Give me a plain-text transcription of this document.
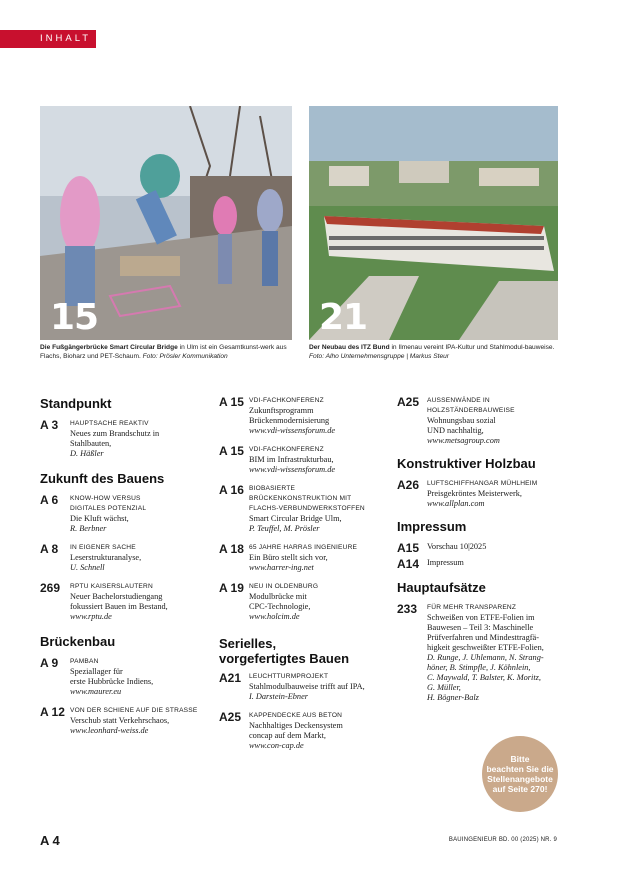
INHALT
15
Die Fußgängerbrücke Smart Circular Bridge in Ulm ist ein Gesamtkunst-werk aus Flachs, Bioharz und PET-Schaum. Foto: Prösler Kommunikation
21
Der Neubau des ITZ Bund in Ilmenau vereint IPA-Kultur und Stahlmodul-bauweise. Foto: Alho Unternehmensgruppe | Markus Steur
Standpunkt
A 3	HAUPTSACHE REAKTIV
Neues zum Brandschutz in
Stahlbauten,
D. Häßler
Zukunft des Bauens
A 6	KNOW-HOW VERSUS
DIGITALES POTENZIAL
Die Kluft wächst,
R. Berbner
A 8	IN EIGENER SACHE
Leserstrukturanalyse,
U. Schnell
269	RPTU KAISERSLAUTERN
Neuer Bachelorstudiengang
fokussiert Bauen im Bestand,
www.rptu.de
Brückenbau
A 9	PAMBAN
Speziallager für
erste Hubbrücke Indiens,
www.maurer.eu
A 12 VON DER SCHIENE AUF DIE STRASSE
Verschub statt Verkehrschaos,
www.leonhard-weiss.de
A 15 VDI-FACHKONFERENZ
Zukunftsprogramm
Brückenmodernisierung
www.vdi-wissensforum.de
A 15 VDI-FACHKONFERENZ
BIM im Infrastrukturbau,
www.vdi-wissensforum.de
A 16 BIOBASIERTE
BRÜCKENKONSTRUKTION MIT
FLACHS-VERBUNDWERKSTOFFEN
Smart Circular Bridge Ulm,
P. Teuffel, M. Prösler
A 18 65 JAHRE HARRAS INGENIEURE
Ein Büro stellt sich vor,
www.harrer-ing.net
A 19 NEU IN OLDENBURG
Modulbrücke mit
CPC-Technologie,
www.holcim.de
Serielles,
vorgefertigtes Bauen
A21	LEUCHTTURMPROJEKT
Stahlmodulbauweise trifft auf IPA,
I. Darstein-Ebner
A25	KAPPENDECKE AUS BETON
Nachhaltiges Deckensystem
concap auf dem Markt,
www.con-cap.de
A25	AUSSENWÄNDE IN
HOLZSTÄNDERBAUWEISE
Wohnungsbau sozial
UND nachhaltig,
www.metsagroup.com
Konstruktiver Holzbau
A26	LUFTSCHIFFHANGAR MÜHLHEIM
Preisgekröntes Meisterwerk,
www.allplan.com
Impressum
A15 Vorschau 10|2025
A14 Impressum
Hauptaufsätze
233	FÜR MEHR TRANSPARENZ
Schweißen von ETFE-Folien im
Bauwesen – Teil 3: Maschinelle
Prüfverfahren und Mindesttragfä-
higkeit geschweißter ETFE-Folien,
D. Runge, J. Uhlemann, N. Strang-
höner, B. Stimpfle, J. Köhnlein,
C. Maywald, T. Balster, K. Moritz,
G. Müller,
H. Bögner-Balz
Bitte
beachten Sie die
Stellenangebote
auf Seite 270!
A 4	BAUINGENIEUR BD. 00 (2025) NR. 9
